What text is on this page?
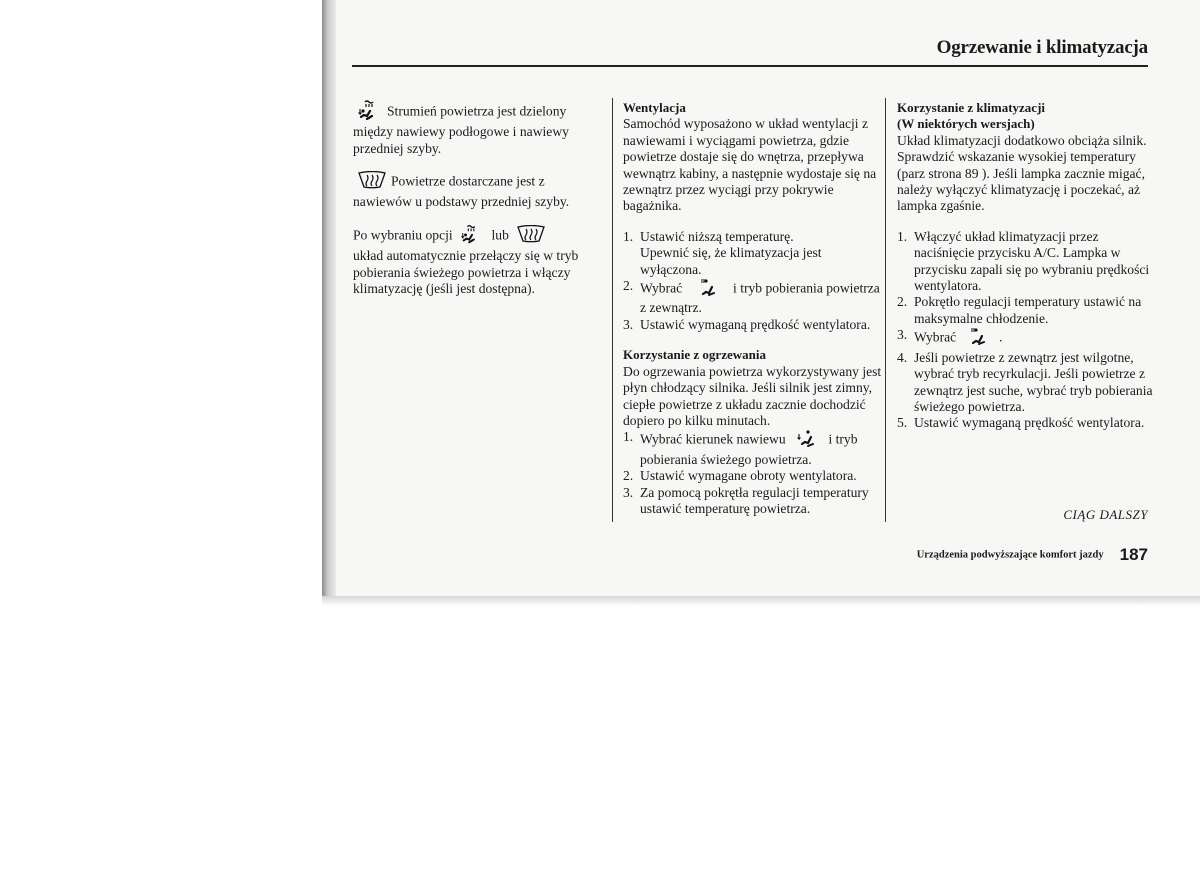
Ogrzewanie i klimatyzacja

Strumień powietrza jest dzielony między nawiewy podłogowe i nawiewy przedniej szyby.

Powietrze dostarczane jest z nawiewów u podstawy przedniej szyby.

Po wybraniu opcji	lub  układ automatycznie przełączy się w tryb pobierania świeżego powietrza i włączy klimatyzację (jeśli jest dostępna).

Wentylacja

Samochód wyposażono w układ wentylacji z nawiewami i wyciągami powietrza, gdzie powietrze dostaje się do wnętrza, przepływa wewnątrz kabiny, a następnie wydostaje się na zewnątrz przez wyciągi przy pokrywie bagażnika.

1. Ustawić niższą temperaturę.
Upewnić się, że klimatyzacja jest wyłączona.
2. Wybrać	i tryb pobierania powietrza z zewnątrz.
3. Ustawić wymaganą prędkość wentylatora.
Korzystanie z ogrzewania

Do ogrzewania powietrza wykorzystywany jest płyn chłodzący silnika. Jeśli silnik jest zimny, ciepłe powietrze z układu zacznie dochodzić dopiero po kilku minutach.

1. Wybrać kierunek nawiewu	i tryb pobierania świeżego powietrza.
2. Ustawić wymagane obroty wentylatora.
3. Za pomocą pokrętła regulacji temperatury ustawić temperaturę powietrza.
Korzystanie z klimatyzacji
(W niektórych wersjach)

Układ klimatyzacji dodatkowo obciąża silnik. Sprawdzić wskazanie wysokiej temperatury (parz strona 89 ). Jeśli lampka zacznie migać, należy wyłączyć klimatyzację i poczekać, aż lampka zgaśnie.

1. Włączyć układ klimatyzacji przez naciśnięcie przycisku A/C. Lampka w przycisku zapali się po wybraniu prędkości wentylatora.
2. Pokrętło regulacji temperatury ustawić na maksymalne chłodzenie.
3. Wybrać	.
4. Jeśli powietrze z zewnątrz jest wilgotne, wybrać tryb recyrkulacji. Jeśli powietrze z zewnątrz jest suche, wybrać tryb pobierania świeżego powietrza.
5. Ustawić wymaganą prędkość wentylatora.
CIĄG DALSZY
Urządzenia podwyższające komfort jazdy 187
